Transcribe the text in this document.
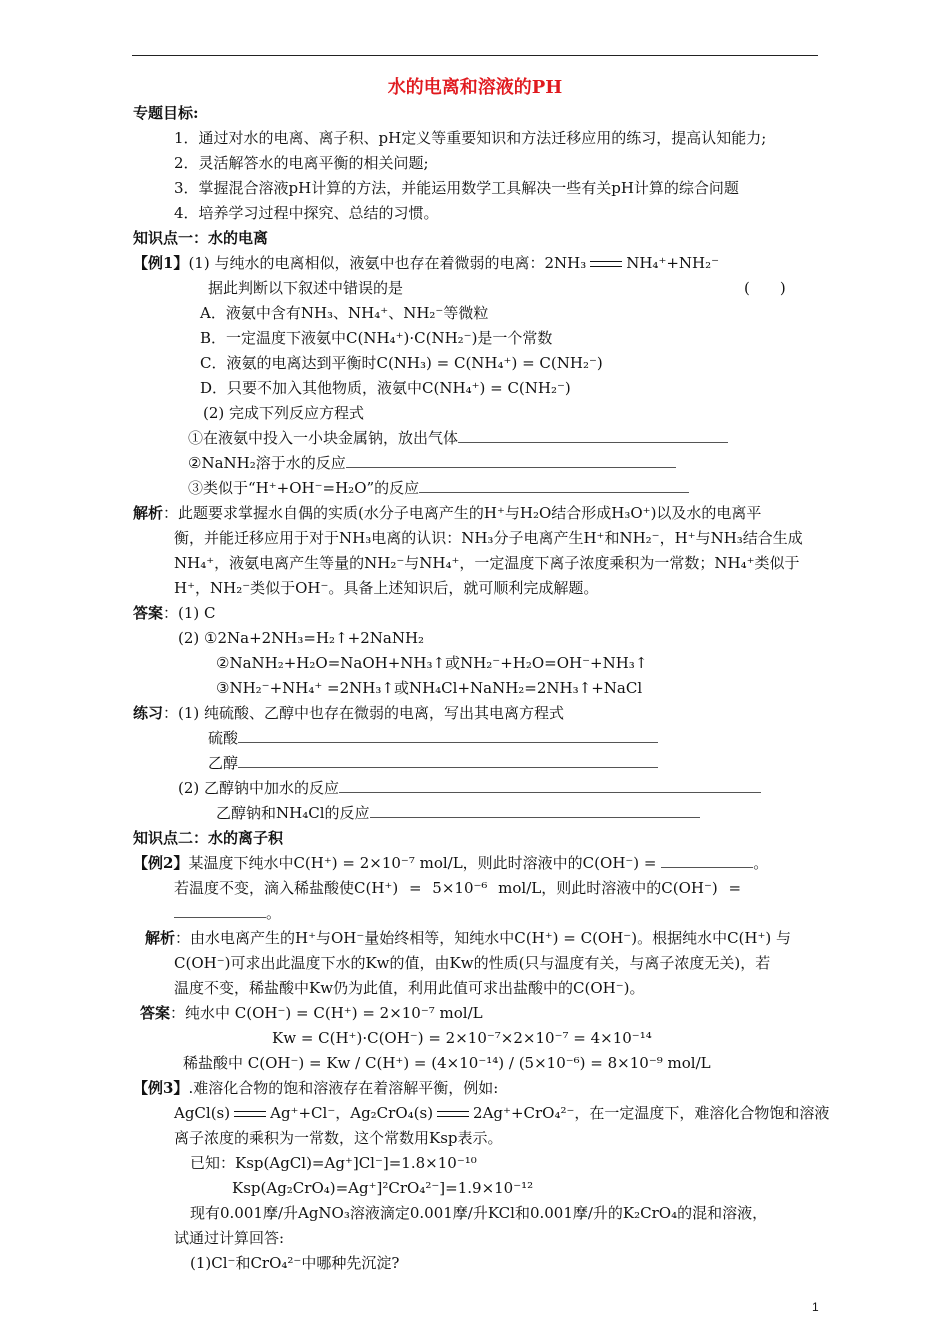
水的电离和溶液的PH
专题目标:
1．通过对水的电离、离子积、pH定义等重要知识和方法迁移应用的练习，提高认知能力;
2．灵活解答水的电离平衡的相关问题;
3．掌握混合溶液pH计算的方法，并能运用数学工具解决一些有关pH计算的综合问题
4．培养学习过程中探究、总结的习惯。
知识点一：水的电离
【例1】(1) 与纯水的电离相似，液氨中也存在着微弱的电离：2NH₃	NH₄⁺+NH₂⁻
据此判断以下叙述中错误的是	(　　)
A．液氨中含有NH₃、NH₄⁺、NH₂⁻等微粒
B．一定温度下液氨中C(NH₄⁺)·C(NH₂⁻)是一个常数
C．液氨的电离达到平衡时C(NH₃) = C(NH₄⁺) = C(NH₂⁻)
D．只要不加入其他物质，液氨中C(NH₄⁺) = C(NH₂⁻)
(2) 完成下列反应方程式
①在液氨中投入一小块金属钠，放出气体
②NaNH₂溶于水的反应
③类似于“H⁺+OH⁻=H₂O”的反应
解析：此题要求掌握水自偶的实质(水分子电离产生的H⁺与H₂O结合形成H₃O⁺)以及水的电离平
衡，并能迁移应用于对于NH₃电离的认识：NH₃分子电离产生H⁺和NH₂⁻，H⁺与NH₃结合生成
NH₄⁺，液氨电离产生等量的NH₂⁻与NH₄⁺，一定温度下离子浓度乘积为一常数；NH₄⁺类似于
H⁺，NH₂⁻类似于OH⁻。具备上述知识后，就可顺利完成解题。
答案：(1) C
(2) ①2Na+2NH₃=H₂↑+2NaNH₂
②NaNH₂+H₂O=NaOH+NH₃↑或NH₂⁻+H₂O=OH⁻+NH₃↑
③NH₂⁻+NH₄⁺ =2NH₃↑或NH₄Cl+NaNH₂=2NH₃↑+NaCl
练习：(1) 纯硫酸、乙醇中也存在微弱的电离，写出其电离方程式
硫酸
乙醇
(2) 乙醇钠中加水的反应
乙醇钠和NH₄Cl的反应
知识点二：水的离子积
【例2】某温度下纯水中C(H⁺) = 2×10⁻⁷ mol/L，则此时溶液中的C(OH⁻) =	。
若温度不变，滴入稀盐酸使C(H⁺) = 5×10⁻⁶ mol/L，则此时溶液中的C(OH⁻) =
。
解析：由水电离产生的H⁺与OH⁻量始终相等，知纯水中C(H⁺) = C(OH⁻)。根据纯水中C(H⁺) 与
C(OH⁻)可求出此温度下水的Kw的值，由Kw的性质(只与温度有关，与离子浓度无关)，若
温度不变，稀盐酸中Kw仍为此值，利用此值可求出盐酸中的C(OH⁻)。
答案：纯水中 C(OH⁻) = C(H⁺) = 2×10⁻⁷ mol/L
Kw = C(H⁺)·C(OH⁻) = 2×10⁻⁷×2×10⁻⁷ = 4×10⁻¹⁴
稀盐酸中 C(OH⁻) = Kw / C(H⁺) = (4×10⁻¹⁴) / (5×10⁻⁶) = 8×10⁻⁹ mol/L
【例3】.难溶化合物的饱和溶液存在着溶解平衡，例如:
AgCl(s)	Ag⁺+Cl⁻，Ag₂CrO₄(s)	2Ag⁺+CrO₄²⁻，在一定温度下，难溶化合物饱和溶液
离子浓度的乘积为一常数，这个常数用Ksp表示。
已知：Ksp(AgCl)=Ag⁺]Cl⁻]=1.8×10⁻¹⁰
Ksp(Ag₂CrO₄)=Ag⁺]²CrO₄²⁻]=1.9×10⁻¹²
现有0.001摩/升AgNO₃溶液滴定0.001摩/升KCl和0.001摩/升的K₂CrO₄的混和溶液，
试通过计算回答:
(1)Cl⁻和CrO₄²⁻中哪种先沉淀?
1
